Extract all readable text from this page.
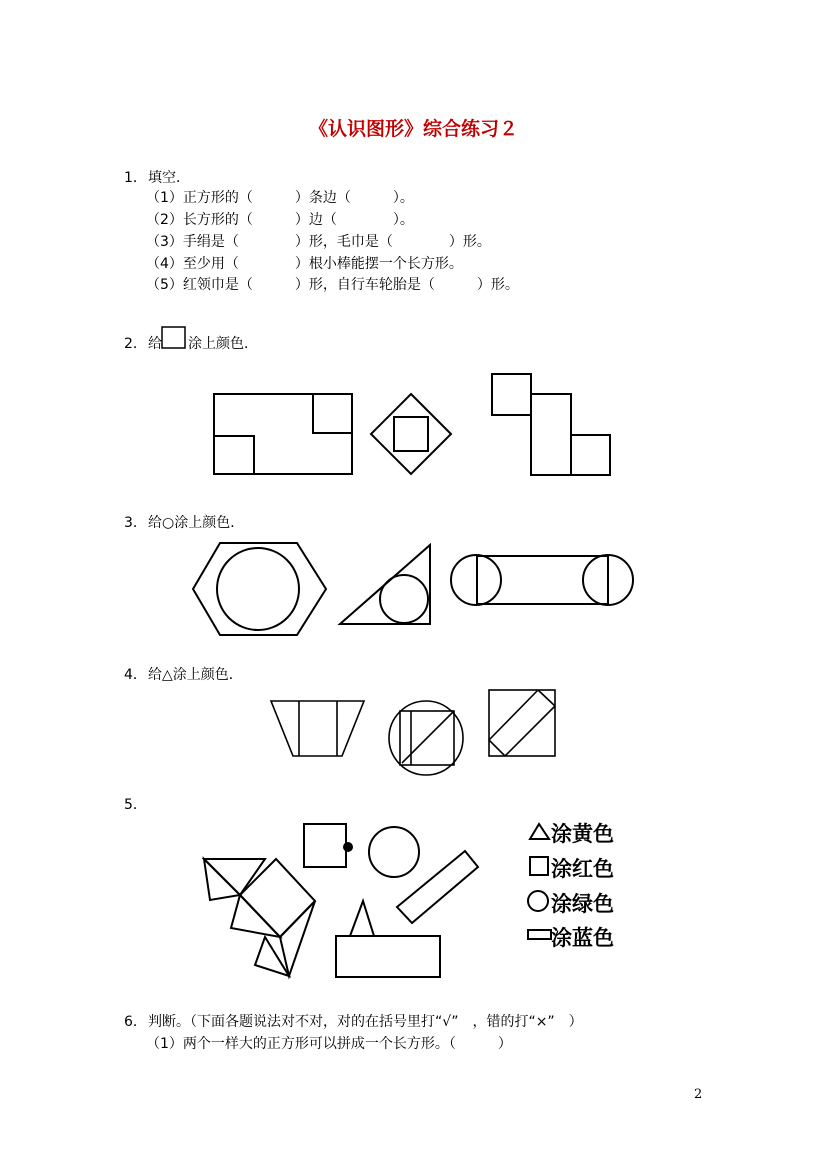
《认识图形》综合练习２
1． 填空．
（1）正方形的（　　　）条边（　　　）。
（2）长方形的（　　　）边（　　　　）。
（3）手绢是（　　　　）形，毛巾是（　　　　）形。
（4）至少用（　　　　）根小棒能摆一个长方形。
（5）红领巾是（　　　）形，自行车轮胎是（　　　）形。
2． 给 涂上颜色．
3． 给○涂上颜色．
4． 给△涂上颜色．
5．
涂黄色
涂红色
涂绿色
涂蓝色
6． 判断。（下面各题说法对不对，对的在括号里打“√”　，错的打“×”　）
（1）两个一样大的正方形可以拼成一个长方形。（　　　）
2
